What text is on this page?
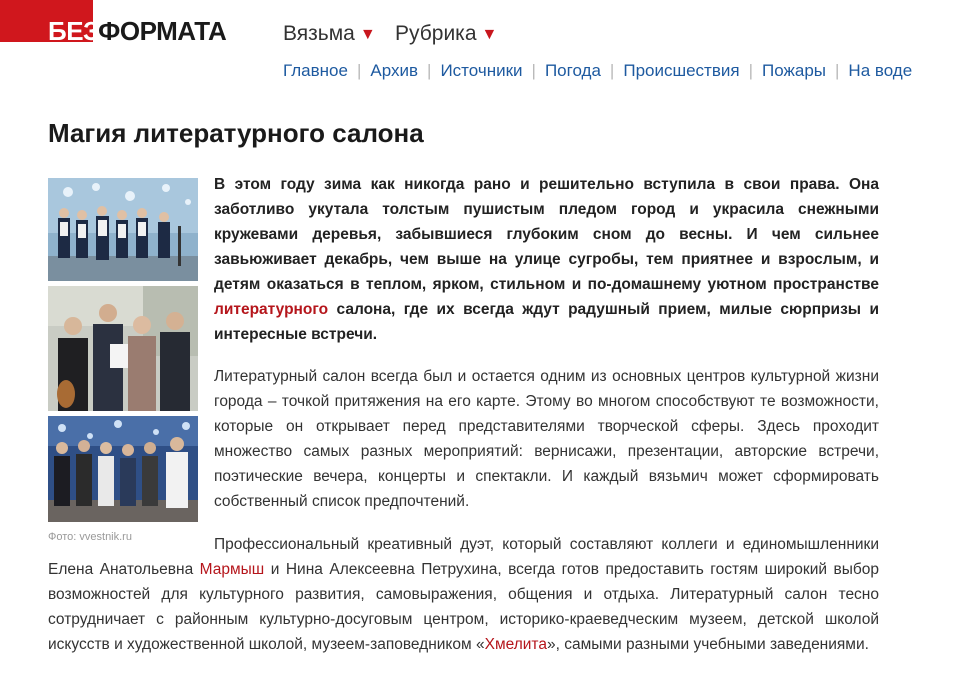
БЕЗФОРМАТА	Вязьма ▼ Рубрика ▼
Главное | Архив | Источники | Погода | Происшествия | Пожары | На воде
Магия литературного салона
Фото: vvestnik.ru

В этом году зима как никогда рано и решительно вступила в свои права. Она заботливо укутала толстым пушистым пледом город и украсила снежными кружевами деревья, забывшиеся глубоким сном до весны. И чем сильнее завьюживает декабрь, чем выше на улице сугробы, тем приятнее и взрослым, и детям оказаться в теплом, ярком, стильном и по-домашнему уютном пространстве литературного салона, где их всегда ждут радушный прием, милые сюрпризы и интересные встречи.

Литературный салон всегда был и остается одним из основных центров культурной жизни города – точкой притяжения на его карте. Этому во многом способствуют те возможности, которые он открывает перед представителями творческой сферы. Здесь проходит множество самых разных мероприятий: вернисажи, презентации, авторские встречи, поэтические вечера, концерты и спектакли. И каждый вязьмич может сформировать собственный список предпочтений.

Профессиональный креативный дуэт, который составляют коллеги и единомышленники Елена Анатольевна Мармыш и Нина Алексеевна Петрухина, всегда готов предоставить гостям широкий выбор возможностей для культурного развития, самовыражения, общения и отдыха. Литературный салон тесно сотрудничает с районным культурно-досуговым центром, историко-краеведческим музеем, детской школой искусств и художественной школой, музеем-заповедником «Хмелита», самыми разными учебными заведениями.
